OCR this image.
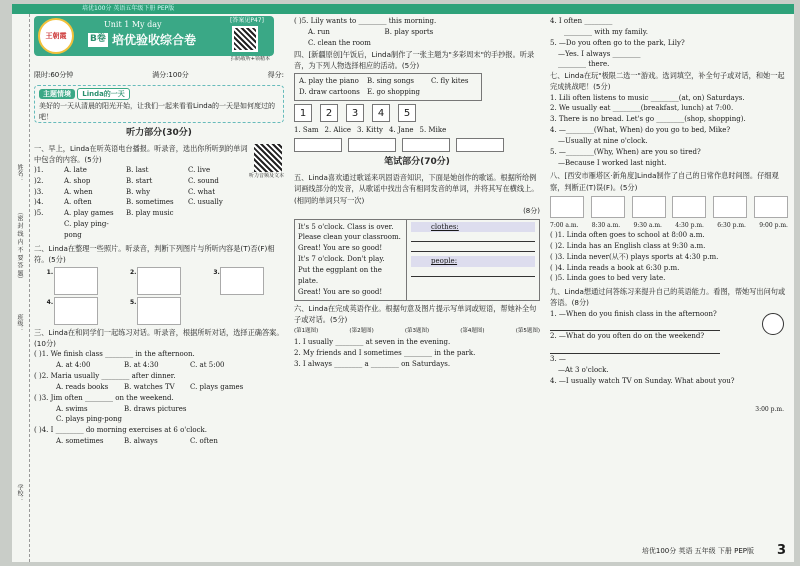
培优100分 英语五年级下册 PEP版
姓名：
（密 封 线 内 不 要 答 题）
班级：
学校：
王朝霞
Unit 1 My day
B卷 培优验收综合卷
[答案见P47]
扫码收听+领精本
限时:60分钟	满分:100分	得分:
主题情境 Linda的一天
美好的一天从清晨的阳光开始，让我们一起来看看Linda的一天是如何度过的吧！
听力部分(30分)
一、早上，Linda在听英语电台播报。听录音，选出你所听到的单词中包含的内容。(5分)
听力音频及文本
)1.	A. late	B. last	C. live
)2.	A. shop	B. start	C. sound
)3.	A. when	B. why	C. what
)4.	A. often	B. sometimes	C. usually
)5.	A. play games	B. play music
C. play ping-pong
二、Linda在整理一些照片。听录音，判断下列图片与所听内容是(T)否(F)相符。(5分)
1.	2.	3.
4.	5.
三、Linda在和同学们一起练习对话。听录音，根据所听对话，选择正确答案。(10分)
( )1. We finish class ________ in the afternoon.
A. at 4:00	B. at 4:30	C. at 5:00
( )2. Maria usually ________ after dinner.
A. reads books	B. watches TV	C. plays games
( )3. Jim often ________ on the weekend.
A. swims	B. draws pictures
C. plays ping-pong
( )4. I ________ do morning exercises at 6 o'clock.
A. sometimes	B. always	C. often
( )5. Lily wants to ________ this morning.
A. run	B. play sports
C. clean the room
四、[新疆原创]午饭后，Linda制作了一张主题为"多彩周末"的手抄报。听录音，为下列人物选择相应的活动。(5分)
A. play the piano	B. sing songs	C. fly kites
D. draw cartoons	E. go shopping
1	2	3	4	5
1. Sam 2. Alice 3. Kitty 4. Jane 5. Mike
笔试部分(70分)
五、Linda喜欢通过歌谣来巩固语音知识，下面是她创作的歌谣。根据所给例词画线部分的发音，从歌谣中找出含有相同发音的单词，并将其写在横线上。(相同的单词只写一次)
(8分)
It's 5 o'clock. Class is over.
Please clean your classroom.
Great! You are so good!
It's 7 o'clock. Don't play.
Put the eggplant on the plate.
Great! You are so good!
clothes:
people:
六、Linda在完成英语作业。根据句意及图片提示写单词或短语，帮她补全句子或对话。(5分)
(第1题图)	(第2题图)	(第3题图)	(第4题图)	(第5题图)
1. I usually ________ at seven in the evening.
2. My friends and I sometimes ________ in the park.
3. I always ________ a ________ on Saturdays.
4. I often ________
________ with my family.
5. —Do you often go to the park, Lily?
—Yes. I always ________
________ there.
七、Linda在玩"极限二选一"游戏。选词填空，补全句子或对话，和她一起完成挑战吧！(5分)
1. Lili often listens to music ________(at, on) Saturdays.
2. We usually eat ________(breakfast, lunch) at 7:00.
3. There is no bread. Let's go ________(shop, shopping).
4. —________(What, When) do you go to bed, Mike?
—Usually at nine o'clock.
5. —________(Why, When) are you so tired?
—Because I worked last night.
八、[西安市雁塔区·新角度]Linda制作了自己的日常作息时间图。仔细观察，判断正(T)误(F)。(5分)
7:00 a.m. 8:30 a.m. 9:30 a.m. 4:30 p.m. 6:30 p.m. 9:00 p.m.
( )1. Linda often goes to school at 8:00 a.m.
( )2. Linda has an English class at 9:30 a.m.
( )3. Linda never(从不) plays sports at 4:30 p.m.
( )4. Linda reads a book at 6:30 p.m.
( )5. Linda goes to bed very late.
九、Linda想通过问答练习来提升自己的英语能力。看图，帮她写出问句或答语。(8分)
1. —When do you finish class in the afternoon?
2. —What do you often do on the weekend?
3. —
—At 3 o'clock.
3:00 p.m.
4. —I usually watch TV on Sunday. What about you?
培优100分 英语 五年级 下册 PEP版 3
